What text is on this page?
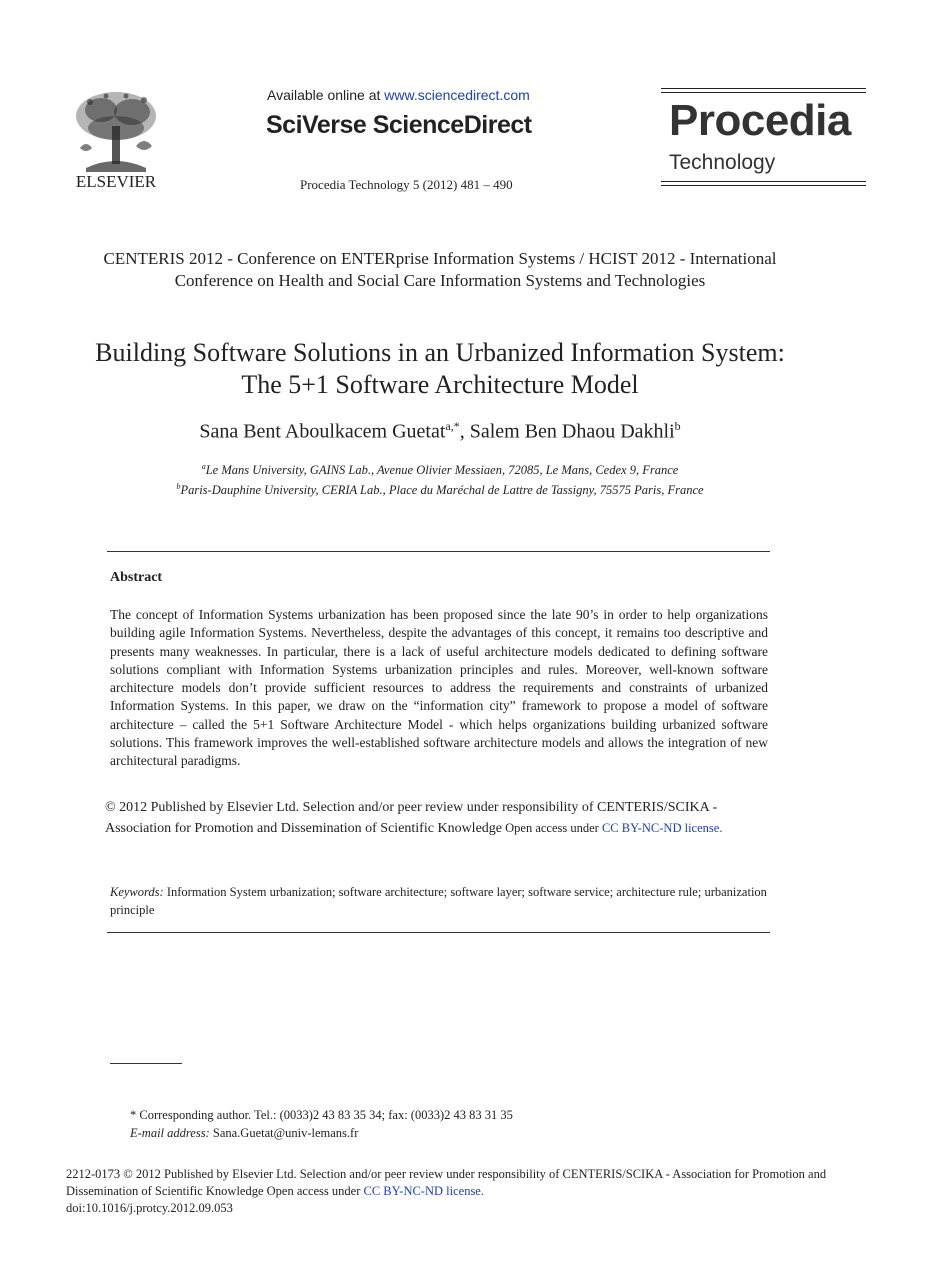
ELSEVIER
Available online at www.sciencedirect.com
SciVerse ScienceDirect
Procedia Technology 5 (2012) 481 – 490
Procedia
Technology
CENTERIS 2012 - Conference on ENTERprise Information Systems / HCIST 2012 - International Conference on Health and Social Care Information Systems and Technologies
Building Software Solutions in an Urbanized Information System: The 5+1 Software Architecture Model
Sana Bent Aboulkacem Guetat$^{a,*}$, Salem Ben Dhaou Dakhli$^b$
$^a$Le Mans University, GAINS Lab., Avenue Olivier Messiaen, 72085, Le Mans, Cedex 9, France
$^b$Paris-Dauphine University, CERIA Lab., Place du Maréchal de Lattre de Tassigny, 75575 Paris, France
Abstract
The concept of Information Systems urbanization has been proposed since the late 90’s in order to help organizations building agile Information Systems. Nevertheless, despite the advantages of this concept, it remains too descriptive and presents many weaknesses. In particular, there is a lack of useful architecture models dedicated to defining software solutions compliant with Information Systems urbanization principles and rules. Moreover, well-known software architecture models don’t provide sufficient resources to address the requirements and constraints of urbanized Information Systems. In this paper, we draw on the “information city” framework to propose a model of software architecture – called the 5+1 Software Architecture Model - which helps organizations building urbanized software solutions. This framework improves the well-established software architecture models and allows the integration of new architectural paradigms.
© 2012 Published by Elsevier Ltd. Selection and/or peer review under responsibility of CENTERIS/SCIKA - Association for Promotion and Dissemination of Scientific Knowledge Open access under CC BY-NC-ND license.
Keywords: Information System urbanization; software architecture; software layer; software service; architecture rule; urbanization principle
* Corresponding author. Tel.: (0033)2 43 83 35 34; fax: (0033)2 43 83 31 35
E-mail address: Sana.Guetat@univ-lemans.fr
2212-0173 © 2012 Published by Elsevier Ltd. Selection and/or peer review under responsibility of CENTERIS/SCIKA - Association for Promotion and Dissemination of Scientific Knowledge Open access under CC BY-NC-ND license.
doi:10.1016/j.protcy.2012.09.053
